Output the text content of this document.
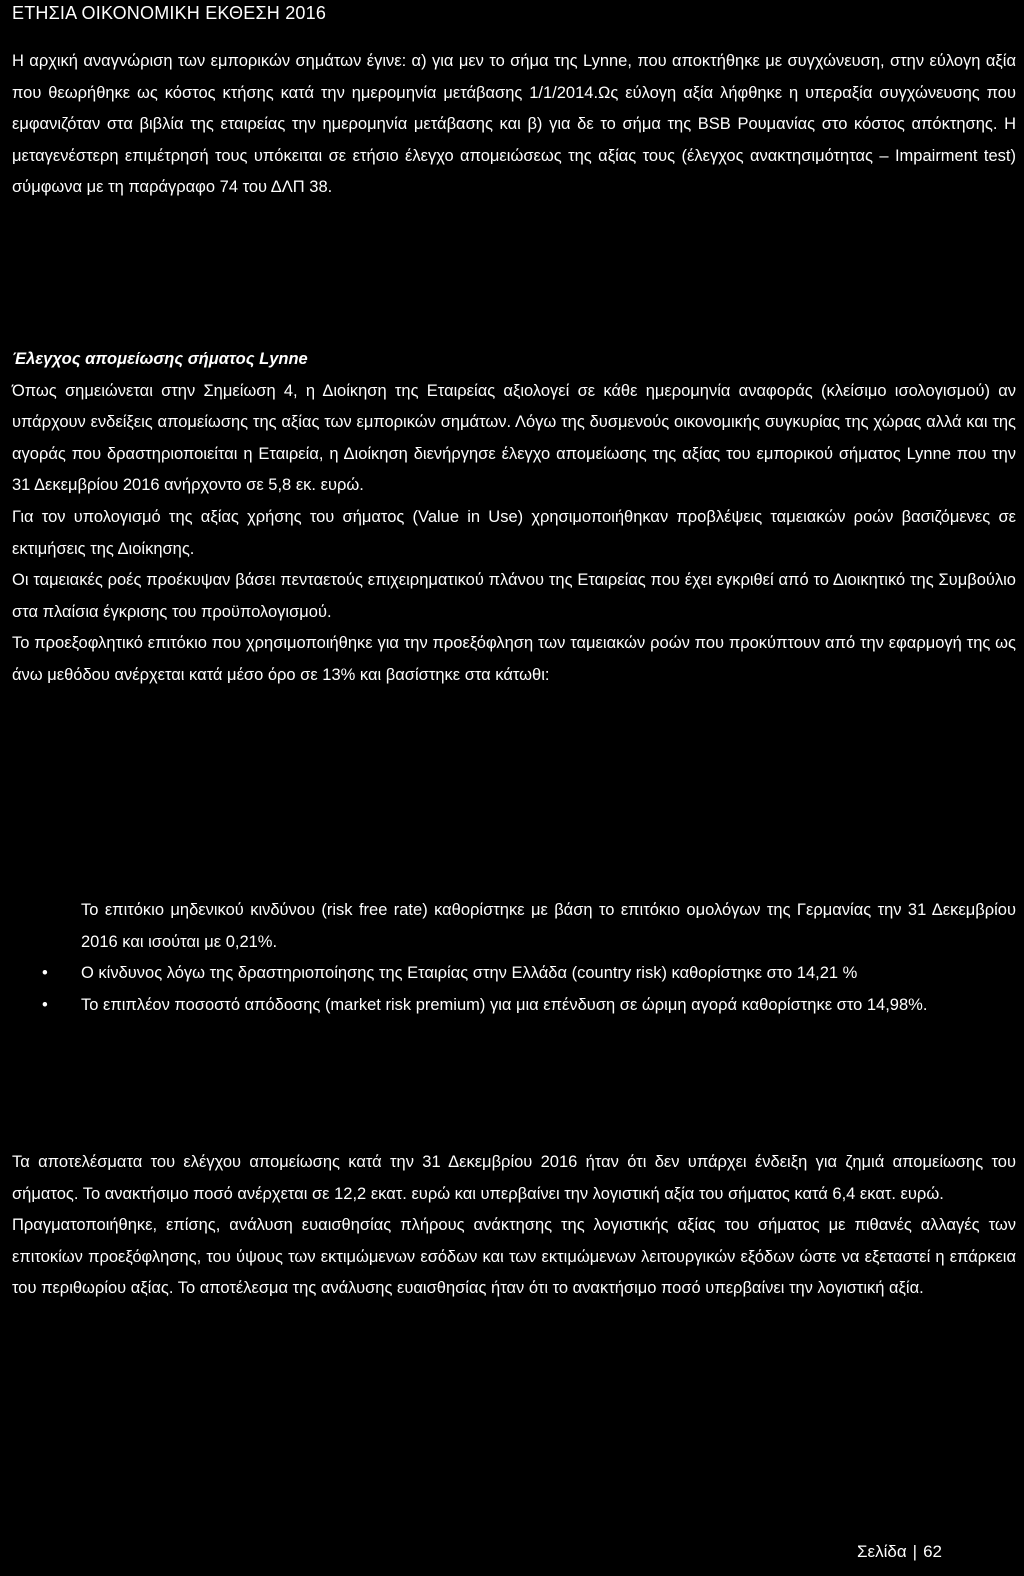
ΕΤΗΣΙΑ ΟΙΚΟΝΟΜΙΚΗ ΕΚΘΕΣΗ 2016

Η αρχική αναγνώριση των εμπορικών σημάτων έγινε: α) για μεν το σήμα της Lynne, που αποκτήθηκε με συγχώνευση, στην εύλογη αξία που θεωρήθηκε ως κόστος κτήσης κατά την ημερομηνία μετάβασης 1/1/2014.Ως εύλογη αξία λήφθηκε η υπεραξία συγχώνευσης που εμφανιζόταν στα βιβλία της εταιρείας την ημερομηνία μετάβασης και β) για δε το σήμα της BSB Ρουμανίας στο κόστος απόκτησης. Η μεταγενέστερη επιμέτρησή τους υπόκειται σε ετήσιο έλεγχο απομειώσεως της αξίας τους (έλεγχος ανακτησιμότητας – Impairment test) σύμφωνα με τη παράγραφο 74 του ΔΛΠ 38.

Έλεγχος απομείωσης σήματος Lynne

Όπως σημειώνεται στην Σημείωση 4, η Διοίκηση της Εταιρείας αξιολογεί σε κάθε ημερομηνία αναφοράς (κλείσιμο ισολογισμού) αν υπάρχουν ενδείξεις απομείωσης της αξίας των εμπορικών σημάτων. Λόγω της δυσμενούς οικονομικής συγκυρίας της χώρας αλλά και της αγοράς που δραστηριοποιείται η Εταιρεία, η Διοίκηση διενήργησε έλεγχο απομείωσης της αξίας του εμπορικού σήματος Lynne που την 31 Δεκεμβρίου 2016 ανήρχοντο σε 5,8 εκ. ευρώ.

Για τον υπολογισμό της αξίας χρήσης του σήματος (Value in Use) χρησιμοποιήθηκαν προβλέψεις ταμειακών ροών βασιζόμενες σε εκτιμήσεις της Διοίκησης.

Οι ταμειακές ροές προέκυψαν βάσει πενταετούς επιχειρηματικού πλάνου της Εταιρείας που έχει εγκριθεί από το Διοικητικό της Συμβούλιο στα πλαίσια έγκρισης του προϋπολογισμού.

Το προεξοφλητικό επιτόκιο που χρησιμοποιήθηκε για την προεξόφληση των ταμειακών ροών που προκύπτουν από την εφαρμογή της ως άνω μεθόδου ανέρχεται κατά μέσο όρο σε 13% και βασίστηκε στα κάτωθι:

Το επιτόκιο μηδενικού κινδύνου (risk free rate) καθορίστηκε με βάση το επιτόκιο ομολόγων της Γερμανίας την 31 Δεκεμβρίου 2016 και ισούται με 0,21%.
• Ο κίνδυνος λόγω της δραστηριοποίησης της Εταιρίας στην Ελλάδα (country risk) καθορίστηκε στο 14,21 %
• Το επιπλέον ποσοστό απόδοσης (market risk premium) για μια επένδυση σε ώριμη αγορά καθορίστηκε στο 14,98%.

Τα αποτελέσματα του ελέγχου απομείωσης κατά την 31 Δεκεμβρίου 2016 ήταν ότι δεν υπάρχει ένδειξη για ζημιά απομείωσης του σήματος. Το ανακτήσιμο ποσό ανέρχεται σε 12,2 εκατ. ευρώ και υπερβαίνει την λογιστική αξία του σήματος κατά 6,4 εκατ. ευρώ.

Πραγματοποιήθηκε, επίσης, ανάλυση ευαισθησίας πλήρους ανάκτησης της λογιστικής αξίας του σήματος με πιθανές αλλαγές των επιτοκίων προεξόφλησης, του ύψους των εκτιμώμενων εσόδων και των εκτιμώμενων λειτουργικών εξόδων ώστε να εξεταστεί η επάρκεια του περιθωρίου αξίας. Το αποτέλεσμα της ανάλυσης ευαισθησίας ήταν ότι το ανακτήσιμο ποσό υπερβαίνει την λογιστική αξία.

Σελίδα | 62
